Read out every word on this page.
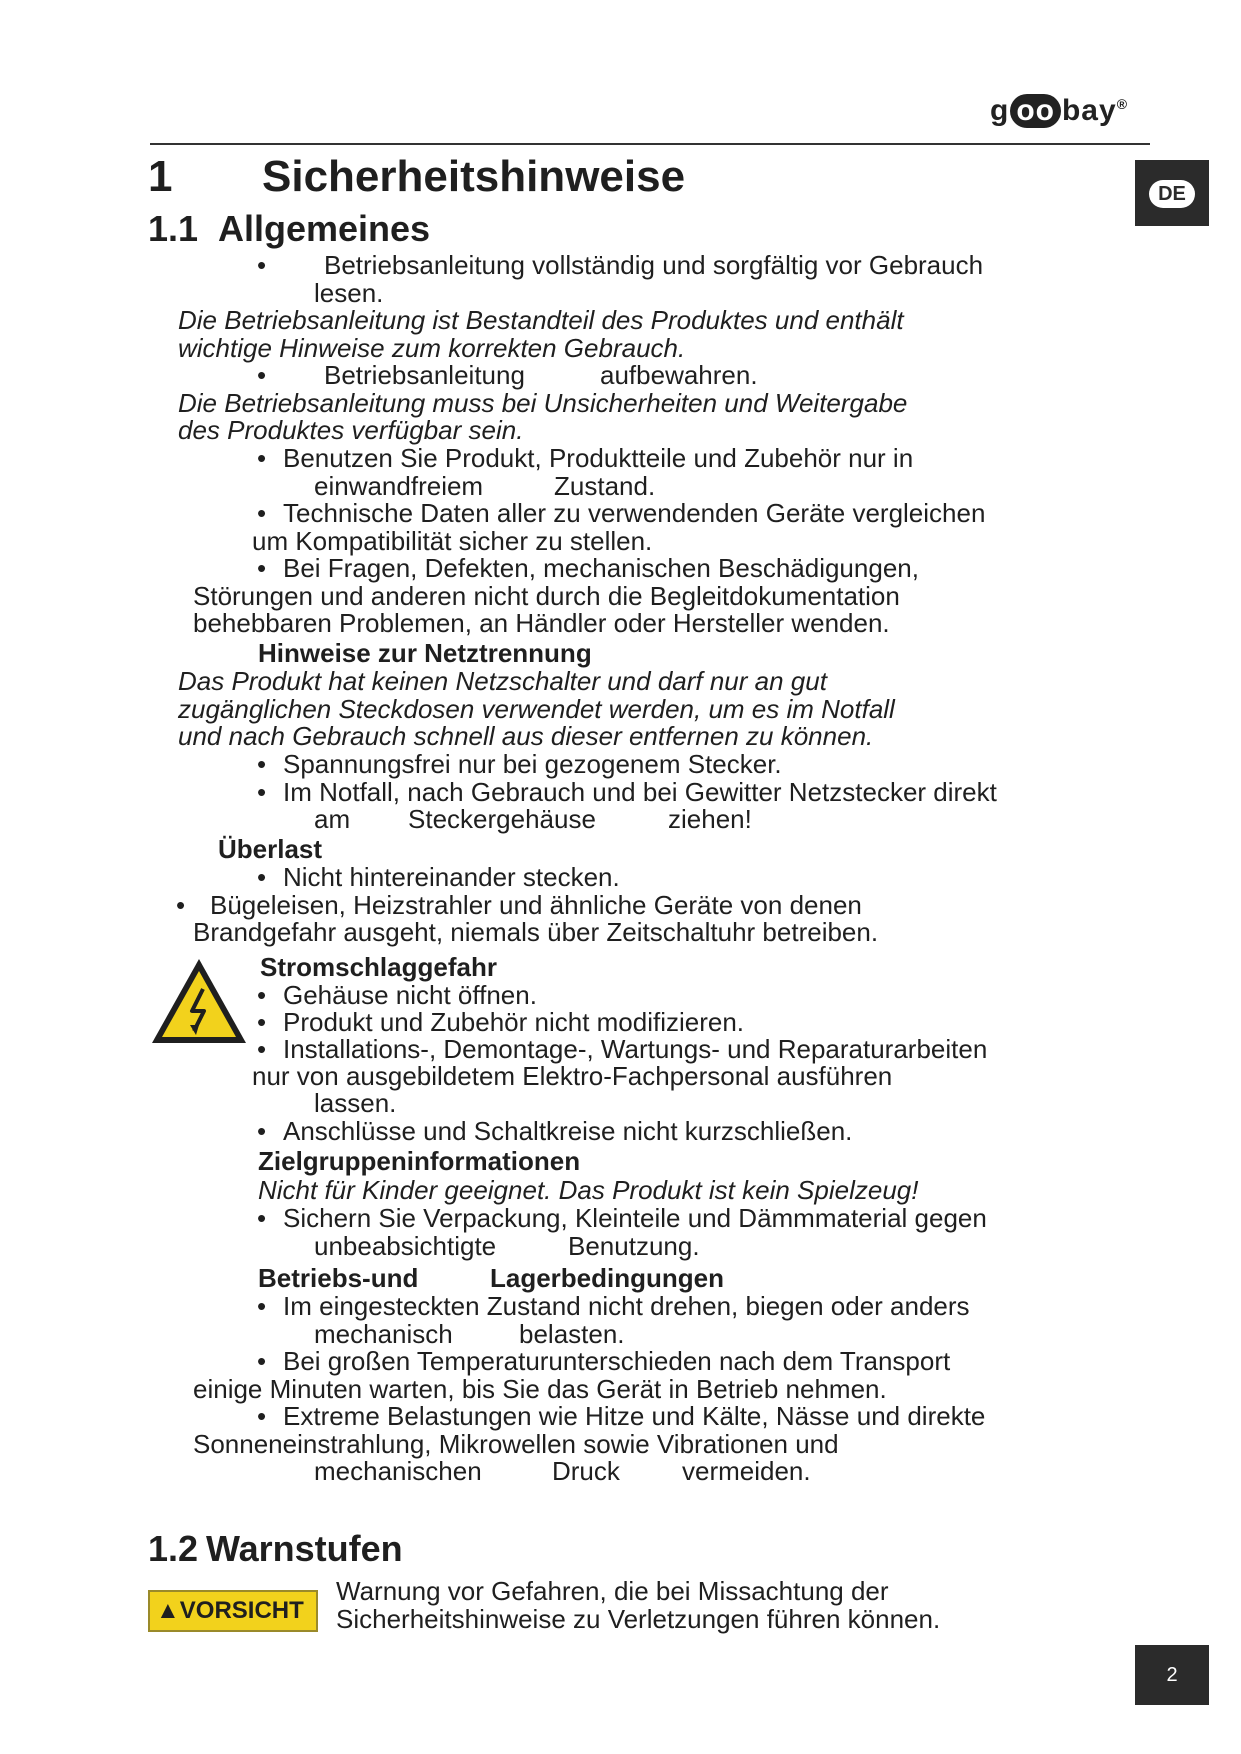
g oo bay®
DE
1 Sicherheitshinweise
1.1 Allgemeines
• Betriebsanleitung vollständig und sorgfältig vor Gebrauch
lesen.
Die Betriebsanleitung ist Bestandteil des Produktes und enthält
wichtige Hinweise zum korrekten Gebrauch.
• Betriebsanleitung	aufbewahren.
Die Betriebsanleitung muss bei Unsicherheiten und Weitergabe
des Produktes verfügbar sein.
• Benutzen Sie Produkt, Produktteile und Zubehör nur in
einwandfreiem	Zustand.
• Technische Daten aller zu verwendenden Geräte vergleichen
um Kompatibilität sicher zu stellen.
• Bei Fragen, Defekten, mechanischen Beschädigungen,
Störungen und anderen nicht durch die Begleitdokumentation
behebbaren Problemen, an Händler oder Hersteller wenden.
Hinweise zur Netztrennung
Das Produkt hat keinen Netzschalter und darf nur an gut
zugänglichen Steckdosen verwendet werden, um es im Notfall
und nach Gebrauch schnell aus dieser entfernen zu können.
• Spannungsfrei nur bei gezogenem Stecker.
• Im Notfall, nach Gebrauch und bei Gewitter Netzstecker direkt
am Steckergehäuse	ziehen!
Überlast
• Nicht hintereinander stecken.
• Bügeleisen, Heizstrahler und ähnliche Geräte von denen
Brandgefahr ausgeht, niemals über Zeitschaltuhr betreiben.
Stromschlaggefahr
• Gehäuse nicht öffnen.
• Produkt und Zubehör nicht modifizieren.
• Installations-, Demontage-, Wartungs- und Reparaturarbeiten
nur von ausgebildetem Elektro-Fachpersonal ausführen
lassen.
• Anschlüsse und Schaltkreise nicht kurzschließen.
Zielgruppeninformationen
Nicht für Kinder geeignet. Das Produkt ist kein Spielzeug!
• Sichern Sie Verpackung, Kleinteile und Dämmmaterial gegen
unbeabsichtigte	Benutzung.
Betriebs-und	Lagerbedingungen
• Im eingesteckten Zustand nicht drehen, biegen oder anders
mechanisch	belasten.
• Bei großen Temperaturunterschieden nach dem Transport
einige Minuten warten, bis Sie das Gerät in Betrieb nehmen.
• Extreme Belastungen wie Hitze und Kälte, Nässe und direkte
Sonneneinstrahlung, Mikrowellen sowie Vibrationen und
mechanischen	Druck vermeiden.
1.2 Warnstufen
▲VORSICHT
Warnung vor Gefahren, die bei Missachtung der
Sicherheitshinweise zu Verletzungen führen können.
2
